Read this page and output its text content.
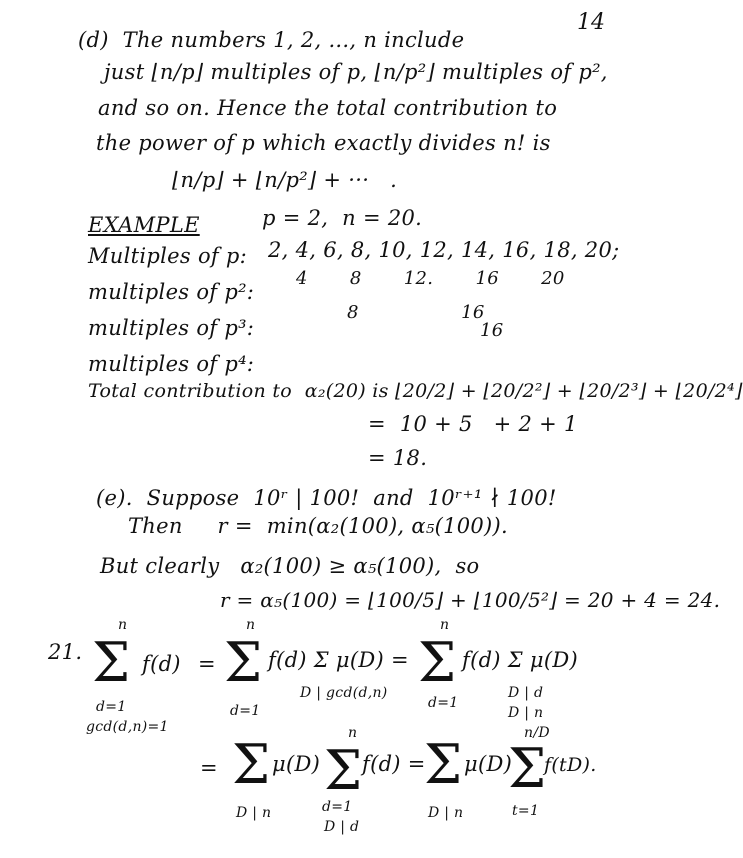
14
(d)  The numbers 1, 2, ..., n include
just ⌊n/p⌋ multiples of p, ⌊n/p²⌋ multiples of p²,
and so on. Hence the total contribution to
the power of p which exactly divides n! is
⌊n/p⌋ + ⌊n/p²⌋ + ···   .
EXAMPLE	p = 2,  n = 20.
Multiples of p: 2, 4, 6, 8, 10, 12, 14, 16, 18, 20;
multiples of p²:
4       8       12.       16       20
multiples of p³:
8                 16
multiples of p⁴:
16
Total contribution to  α₂(20) is ⌊20/2⌋ + ⌊20/2²⌋ + ⌊20/2³⌋ + ⌊20/2⁴⌋
=  10 + 5   + 2 + 1
= 18.
(e).  Suppose  10ʳ | 100!  and  10ʳ⁺¹ ∤ 100!
Then     r =  min(α₂(100), α₅(100)).
But clearly   α₂(100) ≥ α₅(100),  so
r = α₅(100) = ⌊100/5⌋ + ⌊100/5²⌋ = 20 + 4 = 24.
21.
n
Σ f(d)
d=1
gcd(d,n)=1
=
n
Σ f(d) Σ μ(D) =
d=1
D | gcd(d,n)
n
Σ f(d) Σ μ(D)
d=1
D | d
D | n
= Σ μ(D)
D | n
n
Σ f(d) =
d=1
D | d
Σ μ(D)
D | n
n/D
Σ
f(tD).
t=1
